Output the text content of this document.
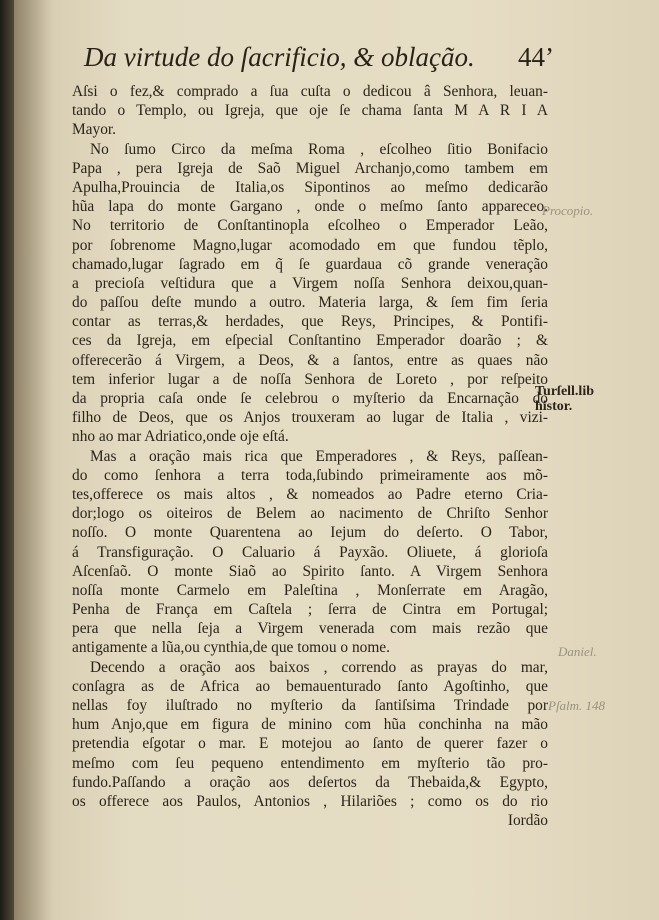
Da virtude do ſacrificio, & oblação. 44’
Aſsi o fez,& comprado a ſua cuſta o dedicou â Senhora, leuan-
tando o Templo, ou Igreja, que oje ſe chama ſanta M A R I A
Mayor.
No ſumo Circo da meſma Roma , eſcolheo ſitio Bonifacio
Papa , pera Igreja de Saõ Miguel Archanjo,como tambem em
Apulha,Prouincia de Italia,os Sipontinos ao meſmo dedicarão
hũa lapa do monte Gargano , onde o meſmo ſanto appareceo.
No territorio de Conſtantinopla eſcolheo o Emperador Leão,
por ſobrenome Magno,lugar acomodado em que fundou tẽplo,
chamado,lugar ſagrado em q̃ ſe guardaua cõ grande veneração
a precioſa veſtidura que a Virgem noſſa Senhora deixou,quan-
do paſſou deſte mundo a outro. Materia larga, & ſem fim ſeria
contar as terras,& herdades, que Reys, Principes, & Pontifi-
ces da Igreja, em eſpecial Conſtantino Emperador doarão ; &
offerecerão á Virgem, a Deos, & a ſantos, entre as quaes não
tem inferior lugar a de noſſa Senhora de Loreto , por reſpeito
da propria caſa onde ſe celebrou o myſterio da Encarnação do
filho de Deos, que os Anjos trouxeram ao lugar de Italia , vizi-
nho ao mar Adriatico,onde oje eſtá.
Mas a oração mais rica que Emperadores , & Reys, paſſean-
do como ſenhora a terra toda,ſubindo primeiramente aos mõ-
tes,offerece os mais altos , & nomeados ao Padre eterno Cria-
dor;logo os oiteiros de Belem ao nacimento de Chriſto Senhor
noſſo. O monte Quarentena ao Iejum do deſerto. O Tabor,
á Transfiguração. O Caluario á Payxão. Oliuete, á glorioſa
Aſcenſaõ. O monte Siaõ ao Spirito ſanto. A Virgem Senhora
noſſa monte Carmelo em Paleſtina , Monſerrate em Aragão,
Penha de França em Caſtela ; ſerra de Cintra em Portugal;
pera que nella ſeja a Virgem venerada com mais rezão que
antigamente a lũa,ou cynthia,de que tomou o nome.
Decendo a oração aos baixos , correndo as prayas do mar,
conſagra as de Africa ao bemauenturado ſanto Agoſtinho, que
nellas foy iluſtrado no myſterio da ſantiſsima Trindade por
hum Anjo,que em figura de minino com hũa conchinha na mão
pretendia eſgotar o mar. E motejou ao ſanto de querer fazer o
meſmo com ſeu pequeno entendimento em myſterio tão pro-
fundo.Paſſando a oração aos deſertos da Thebaida,& Egypto,
os offerece aos Paulos, Antonios , Hilariões ; como os do rio
Iordão
Turſell.lib
histor.
Procopio.
Daniel.
Pſalm. 148
